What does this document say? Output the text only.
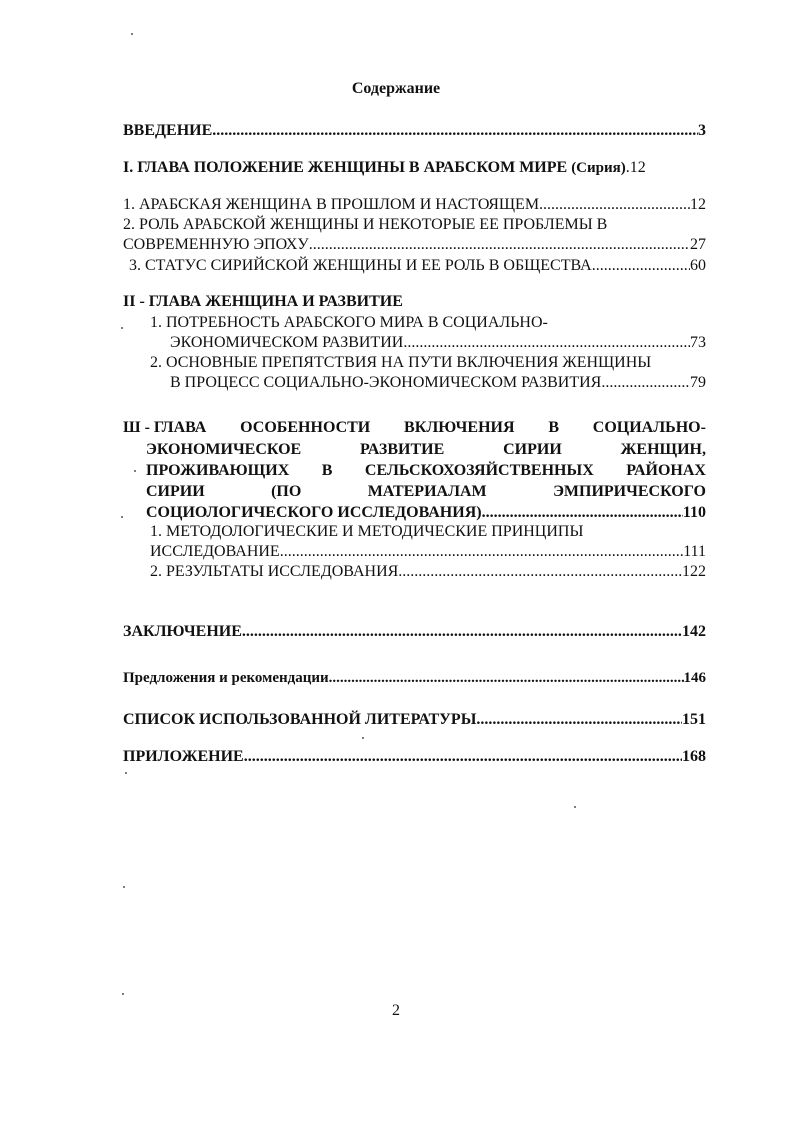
Содержание
ВВЕДЕНИЕ .....	3
I. ГЛАВА ПОЛОЖЕНИЕ ЖЕНЩИНЫ В АРАБСКОМ МИРЕ (Сирия).12
1. АРАБСКАЯ ЖЕНЩИНА В ПРОШЛОМ И НАСТОЯЩЕМ .....	12
2. РОЛЬ АРАБСКОЙ ЖЕНЩИНЫ И НЕКОТОРЫЕ ЕЕ ПРОБЛЕМЫ В
СОВРЕМЕННУЮ ЭПОХУ .....	27
3. СТАТУС СИРИЙСКОЙ ЖЕНЩИНЫ И ЕЕ РОЛЬ В ОБЩЕСТВА .....	60
II - ГЛАВА ЖЕНЩИНА И РАЗВИТИЕ
1. ПОТРЕБНОСТЬ АРАБСКОГО МИРА В СОЦИАЛЬНО-
ЭКОНОМИЧЕСКОМ РАЗВИТИИ .....	73
2. ОСНОВНЫЕ ПРЕПЯТСТВИЯ НА ПУТИ ВКЛЮЧЕНИЯ ЖЕНЩИНЫ
В ПРОЦЕСС СОЦИАЛЬНО-ЭКОНОМИЧЕСКОМ РАЗВИТИЯ .....	79
Ш - ГЛАВА ОСОБЕННОСТИ ВКЛЮЧЕНИЯ В СОЦИАЛЬНО-
ЭКОНОМИЧЕСКОЕ	РАЗВИТИЕ	СИРИИ	ЖЕНЩИН,
ПРОЖИВАЮЩИХ В СЕЛЬСКОХОЗЯЙСТВЕННЫХ РАЙОНАХ
СИРИИ	(ПО	МАТЕРИАЛАМ	ЭМПИРИЧЕСКОГО
СОЦИОЛОГИЧЕСКОГО ИССЛЕДОВАНИЯ) .....	110
1. МЕТОДОЛОГИЧЕСКИЕ И МЕТОДИЧЕСКИЕ ПРИНЦИПЫ
ИССЛЕДОВАНИЕ. .....	111
2. РЕЗУЛЬТАТЫ ИССЛЕДОВАНИЯ .....	122
ЗАКЛЮЧЕНИЕ .....	142
Предложения и рекомендации .....	146
СПИСОК ИСПОЛЬЗОВАННОЙ ЛИТЕРАТУРЫ .....	151
ПРИЛОЖЕНИЕ .....	168
2
